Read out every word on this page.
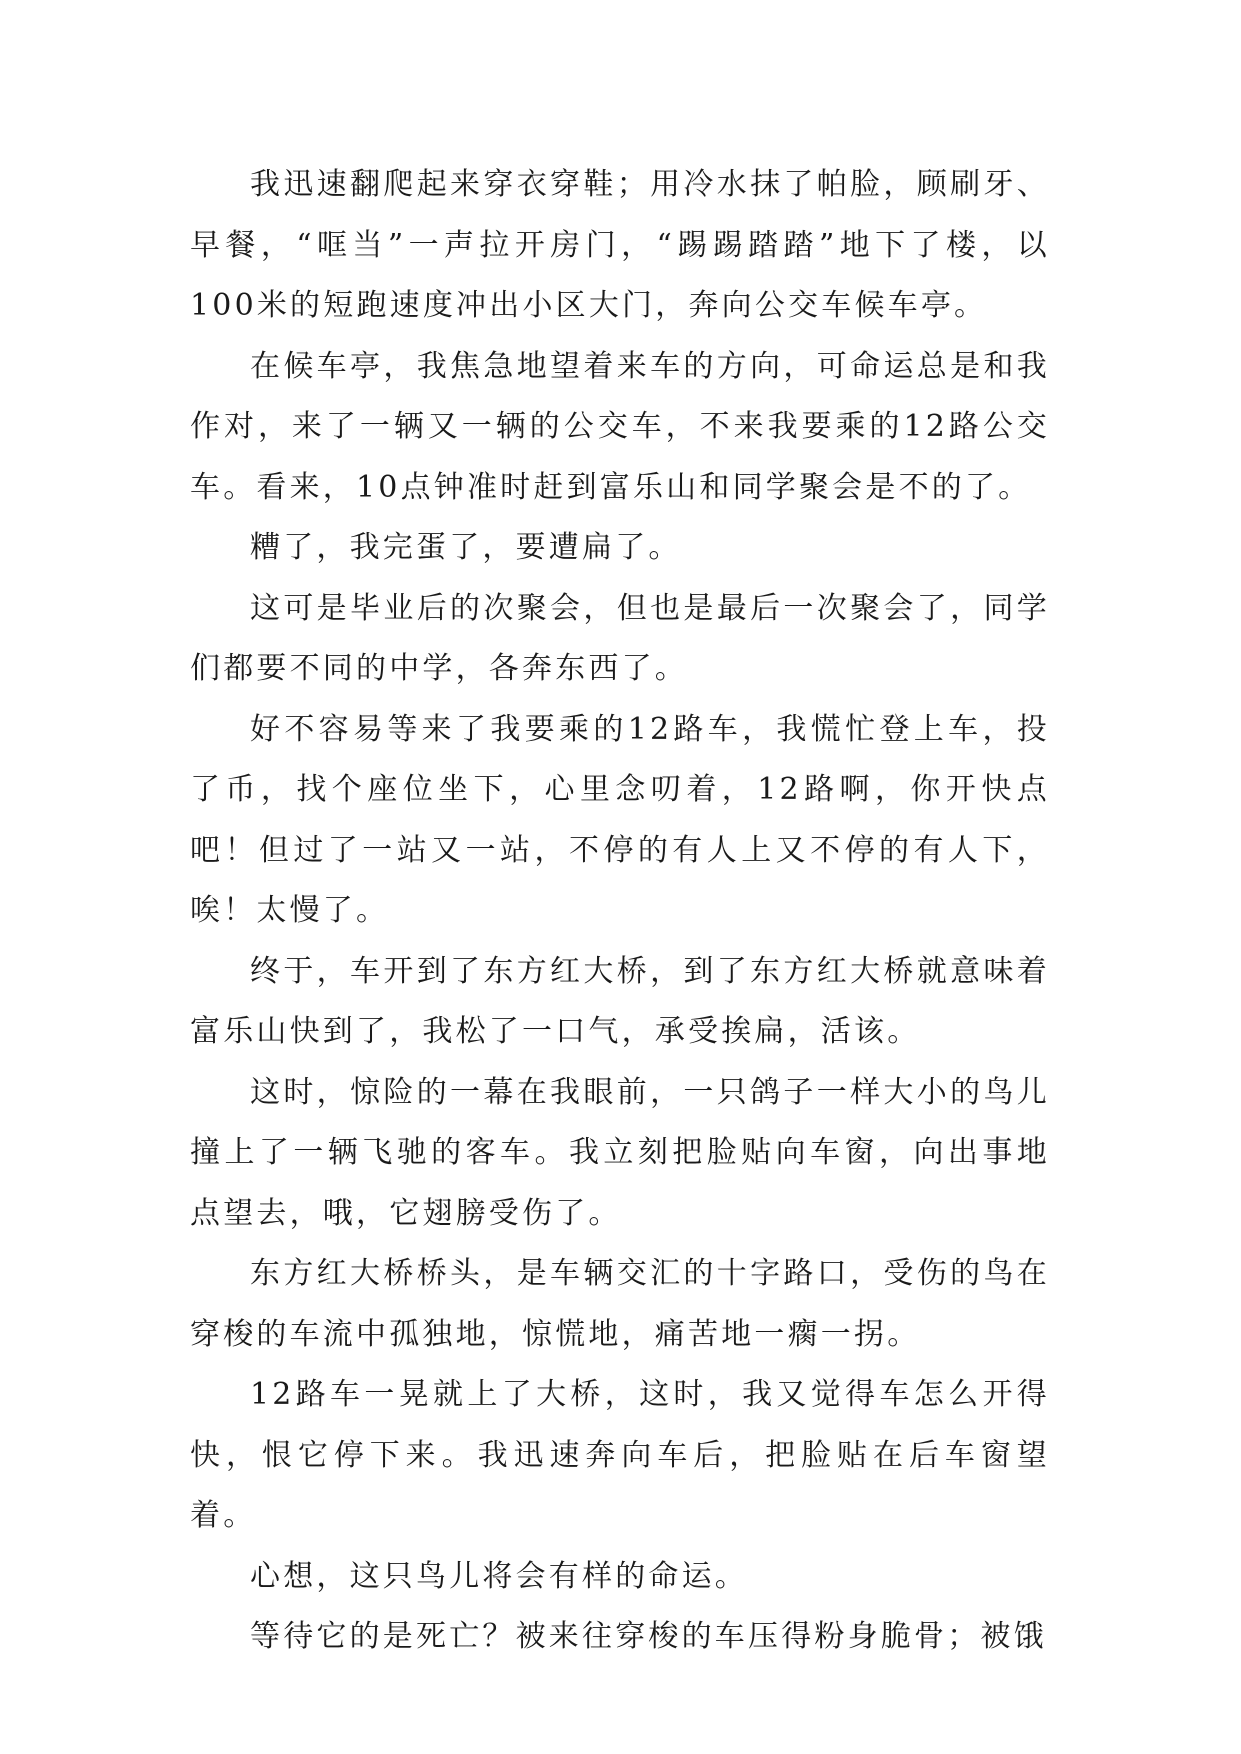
我迅速翻爬起来穿衣穿鞋；用冷水抹了帕脸，顾刷牙、早餐，“哐当”一声拉开房门，“踢踢踏踏”地下了楼，以100米的短跑速度冲出小区大门，奔向公交车候车亭。

在候车亭，我焦急地望着来车的方向，可命运总是和我作对，来了一辆又一辆的公交车，不来我要乘的12路公交车。看来，10点钟准时赶到富乐山和同学聚会是不的了。

糟了，我完蛋了，要遭扁了。

这可是毕业后的次聚会，但也是最后一次聚会了，同学们都要不同的中学，各奔东西了。

好不容易等来了我要乘的12路车，我慌忙登上车，投了币，找个座位坐下，心里念叨着，12路啊，你开快点吧！但过了一站又一站，不停的有人上又不停的有人下，唉！太慢了。

终于，车开到了东方红大桥，到了东方红大桥就意味着富乐山快到了，我松了一口气，承受挨扁，活该。

这时，惊险的一幕在我眼前，一只鸽子一样大小的鸟儿撞上了一辆飞驰的客车。我立刻把脸贴向车窗，向出事地点望去，哦，它翅膀受伤了。

东方红大桥桥头，是车辆交汇的十字路口，受伤的鸟在穿梭的车流中孤独地，惊慌地，痛苦地一瘸一拐。

12路车一晃就上了大桥，这时，我又觉得车怎么开得快，恨它停下来。我迅速奔向车后，把脸贴在后车窗望着。

心想，这只鸟儿将会有样的命运。

等待它的是死亡？被来往穿梭的车压得粉身脆骨；被饿
